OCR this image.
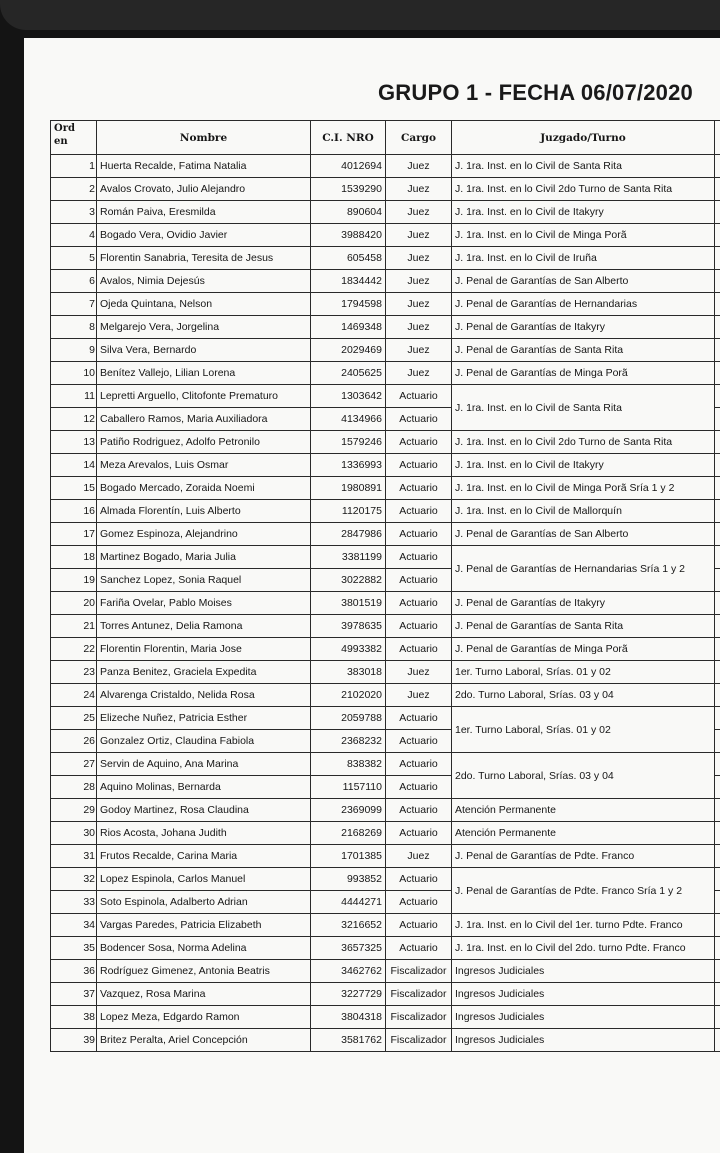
GRUPO 1 - FECHA 06/07/2020
Ord
en	Nombre	C.I. NRO	Cargo	Juzgado/Turno	
1	Huerta Recalde, Fatima Natalia	4012694	Juez	J. 1ra. Inst. en lo Civil de Santa Rita	
2	Avalos Crovato, Julio Alejandro	1539290	Juez	J. 1ra. Inst. en lo Civil 2do Turno de Santa Rita	
3	Román Paiva, Eresmilda	890604	Juez	J. 1ra. Inst. en lo Civil de Itakyry	
4	Bogado Vera, Ovidio Javier	3988420	Juez	J. 1ra. Inst. en lo Civil de Minga Porã	
5	Florentin Sanabria, Teresita de Jesus	605458	Juez	J. 1ra. Inst. en lo Civil de Iruña	
6	Avalos, Nimia Dejesús	1834442	Juez	J. Penal de Garantías de San Alberto	
7	Ojeda Quintana, Nelson	1794598	Juez	J. Penal de Garantías de Hernandarias	
8	Melgarejo Vera, Jorgelina	1469348	Juez	J. Penal de Garantías de Itakyry	
9	Silva Vera, Bernardo	2029469	Juez	J. Penal de Garantías de Santa Rita	
10	Benítez Vallejo, Lilian Lorena	2405625	Juez	J. Penal de Garantías de Minga Porã	
11	Lepretti Arguello, Clitofonte Prematuro	1303642	Actuario	J. 1ra. Inst. en lo Civil de Santa Rita	
12	Caballero Ramos, Maria Auxiliadora	4134966	Actuario		
13	Patiño Rodriguez, Adolfo Petronilo	1579246	Actuario	J. 1ra. Inst. en lo Civil 2do Turno de Santa Rita	
14	Meza Arevalos, Luis Osmar	1336993	Actuario	J. 1ra. Inst. en lo Civil de Itakyry	
15	Bogado Mercado, Zoraida Noemi	1980891	Actuario	J. 1ra. Inst. en lo Civil de Minga Porã Sría 1 y 2	
16	Almada Florentín, Luis Alberto	1120175	Actuario	J. 1ra. Inst. en lo Civil de Mallorquín	
17	Gomez Espinoza, Alejandrino	2847986	Actuario	J. Penal de Garantías de San Alberto	
18	Martinez Bogado, Maria Julia	3381199	Actuario	J. Penal de Garantías de Hernandarias Sría 1 y 2	
19	Sanchez Lopez, Sonia Raquel	3022882	Actuario		
20	Fariña Ovelar, Pablo Moises	3801519	Actuario	J. Penal de Garantías de Itakyry	
21	Torres Antunez, Delia Ramona	3978635	Actuario	J. Penal de Garantías de Santa Rita	
22	Florentin Florentin, Maria Jose	4993382	Actuario	J. Penal de Garantías de Minga Porã	
23	Panza Benitez, Graciela Expedita	383018	Juez	1er. Turno Laboral, Srías. 01 y 02	
24	Alvarenga Cristaldo, Nelida Rosa	2102020	Juez	2do. Turno Laboral, Srías. 03 y 04	
25	Elizeche Nuñez, Patricia Esther	2059788	Actuario	1er. Turno Laboral, Srías. 01 y 02	
26	Gonzalez Ortiz, Claudina Fabiola	2368232	Actuario		
27	Servin de Aquino, Ana Marina	838382	Actuario	2do. Turno Laboral, Srías. 03 y 04	
28	Aquino Molinas, Bernarda	1157110	Actuario		
29	Godoy Martinez, Rosa Claudina	2369099	Actuario	Atención Permanente	
30	Rios Acosta, Johana Judith	2168269	Actuario	Atención Permanente	
31	Frutos Recalde, Carina Maria	1701385	Juez	J. Penal de Garantías de Pdte. Franco	
32	Lopez Espinola, Carlos Manuel	993852	Actuario	J. Penal de Garantías de Pdte. Franco Sría 1 y 2	
33	Soto Espinola, Adalberto Adrian	4444271	Actuario		
34	Vargas Paredes, Patricia Elizabeth	3216652	Actuario	J. 1ra. Inst. en lo Civil del 1er. turno Pdte. Franco	
35	Bodencer Sosa, Norma Adelina	3657325	Actuario	J. 1ra. Inst. en lo Civil del 2do. turno Pdte. Franco	
36	Rodríguez Gimenez, Antonia Beatris	3462762	Fiscalizador	Ingresos Judiciales	
37	Vazquez, Rosa Marina	3227729	Fiscalizador	Ingresos Judiciales	
38	Lopez Meza, Edgardo Ramon	3804318	Fiscalizador	Ingresos Judiciales	
39	Britez Peralta, Ariel Concepción	3581762	Fiscalizador	Ingresos Judiciales	
